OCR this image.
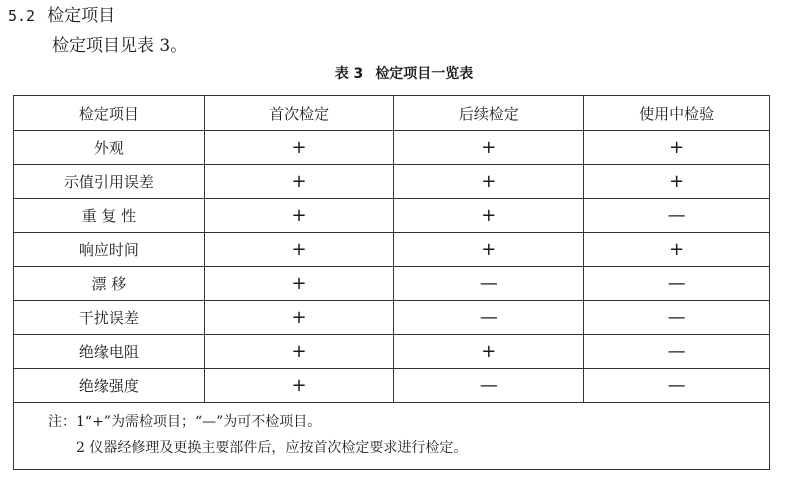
5.2 检定项目
检定项目见表 3。
表 3 检定项目一览表
检定项目	首次检定	后续检定	使用中检验
外观	+	+	+
示值引用误差	+	+	+
重 复 性	+	+	—
响应时间	+	+	+
漂 移	+	—	—
干扰误差	+	—	—
绝缘电阻	+	+	—
绝缘强度	+	—	—

注：1“+”为需检项目；“—”为可不检项目。
2 仪器经修理及更换主要部件后，应按首次检定要求进行检定。			
